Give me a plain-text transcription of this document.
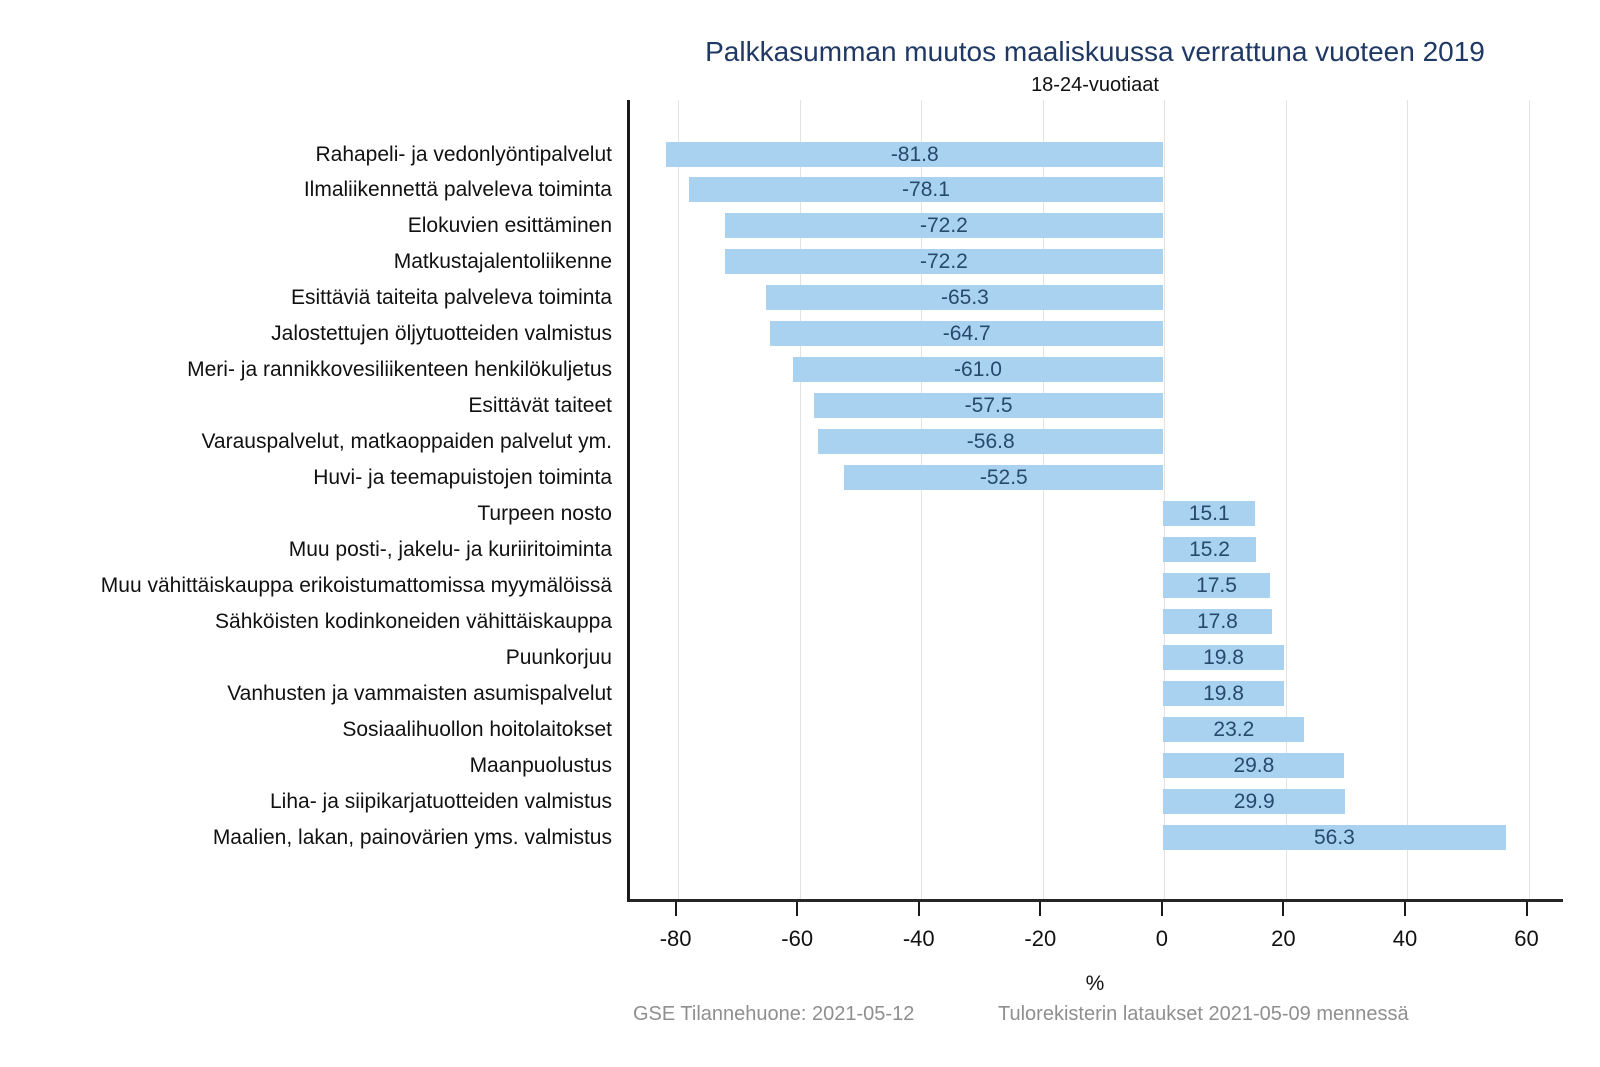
Palkkasumman muutos maaliskuussa verrattuna vuoteen 2019
18-24-vuotiaat
-81.8
-78.1
-72.2
-72.2
-65.3
-64.7
-61.0
-57.5
-56.8
-52.5
15.1
15.2
17.5
17.8
19.8
19.8
23.2
29.8
29.9
56.3
Rahapeli- ja vedonlyöntipalvelut
Ilmaliikennettä palveleva toiminta
Elokuvien esittäminen
Matkustajalentoliikenne
Esittäviä taiteita palveleva toiminta
Jalostettujen öljytuotteiden valmistus
Meri- ja rannikkovesiliikenteen henkilökuljetus
Esittävät taiteet
Varauspalvelut, matkaoppaiden palvelut ym.
Huvi- ja teemapuistojen toiminta
Turpeen nosto
Muu posti-, jakelu- ja kuriiritoiminta
Muu vähittäiskauppa erikoistumattomissa myymälöissä
Sähköisten kodinkoneiden vähittäiskauppa
Puunkorjuu
Vanhusten ja vammaisten asumispalvelut
Sosiaalihuollon hoitolaitokset
Maanpuolustus
Liha- ja siipikarjatuotteiden valmistus
Maalien, lakan, painovärien yms. valmistus
-80	-60	-40	-20	0	20	40	60
%
GSE Tilannehuone: 2021-05-12	Tulorekisterin lataukset 2021-05-09 mennessä
